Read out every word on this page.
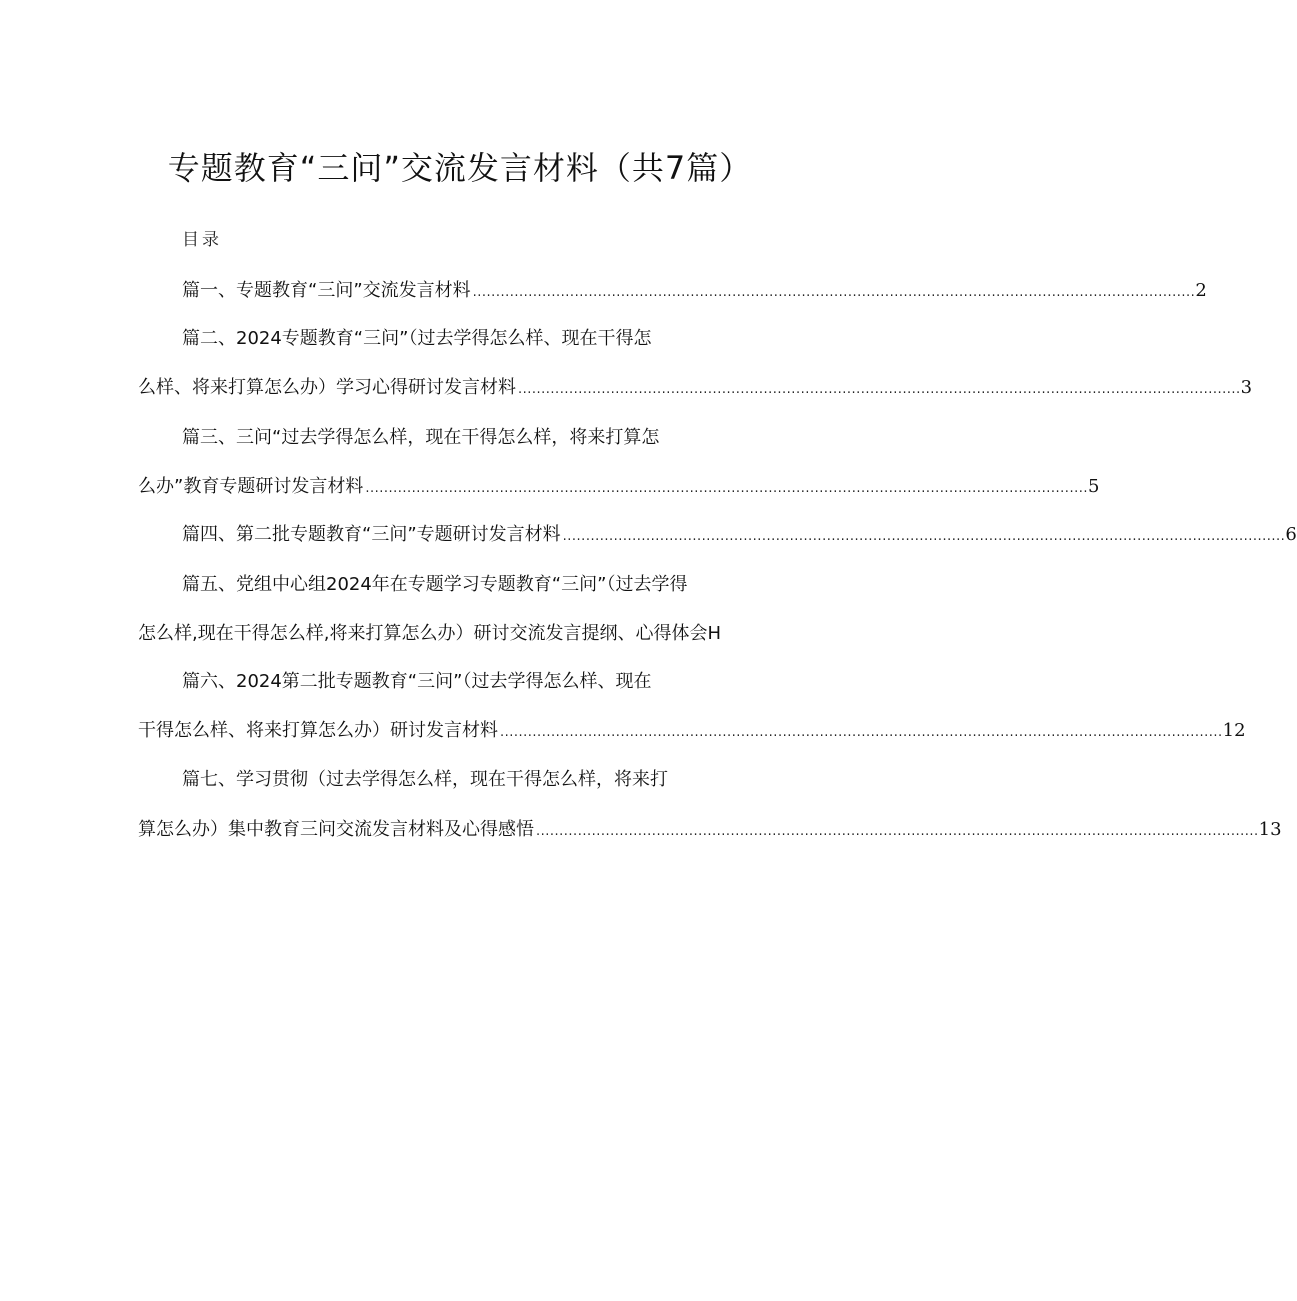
专题教育“三问”交流发言材料（共7篇）
目录
篇一、专题教育“三问”交流发言材料 ............................................................................................................................................................ 2
篇二、2024专题教育“三问”（过去学得怎么样、现在干得怎
么样、将来打算怎么办）学习心得研讨发言材料 ............................................................................................................................................................ 3
篇三、三问“过去学得怎么样，现在干得怎么样，将来打算怎
么办”教育专题研讨发言材料 ............................................................................................................................................................ 5
篇四、第二批专题教育“三问”专题研讨发言材料 ............................................................................................................................................................ 6
篇五、党组中心组2024年在专题学习专题教育“三问”（过去学得
怎么样,现在干得怎么样,将来打算怎么办）研讨交流发言提纲、心得体会H
篇六、2024第二批专题教育“三问”（过去学得怎么样、现在
干得怎么样、将来打算怎么办）研讨发言材料 ............................................................................................................................................................ 12
篇七、学习贯彻（过去学得怎么样，现在干得怎么样，将来打
算怎么办）集中教育三问交流发言材料及心得感悟 ............................................................................................................................................................ 13
